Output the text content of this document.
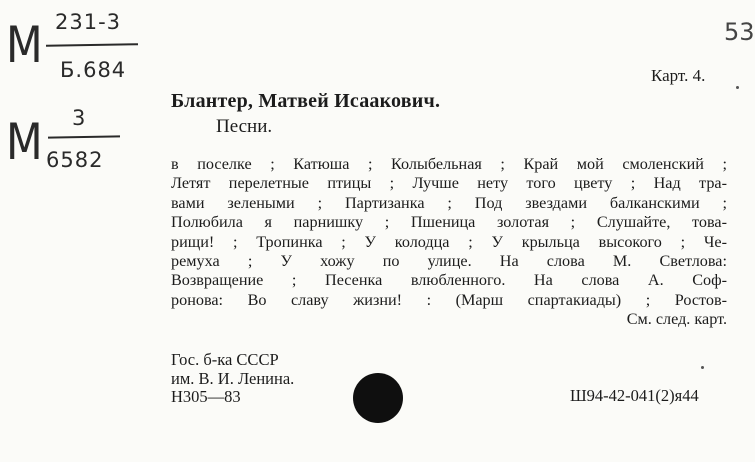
М 231-3
Б.684
М 3
6582
53
Карт. 4.
Блантер, Матвей Исаакович.
Песни.
в поселке ; Катюша ; Колыбельная ; Край мой смоленский ;
Летят перелетные птицы ; Лучше нету того цвету ; Над тра-
вами зелеными ; Партизанка ; Под звездами балканскими ;
Полюбила я парнишку ; Пшеница золотая ; Слушайте, това-
рищи! ; Тропинка ; У колодца ; У крыльца высокого ; Че-
ремуха ; У хожу по улице. На слова М. Светлова:
Возвращение ; Песенка влюбленного. На слова А. Соф-
ронова: Во славу жизни! : (Марш спартакиады) ; Ростов-
См. след. карт.
Гос. б-ка СССР
им. В. И. Ленина.
Н305—83	Ш94-42-041(2)я44
